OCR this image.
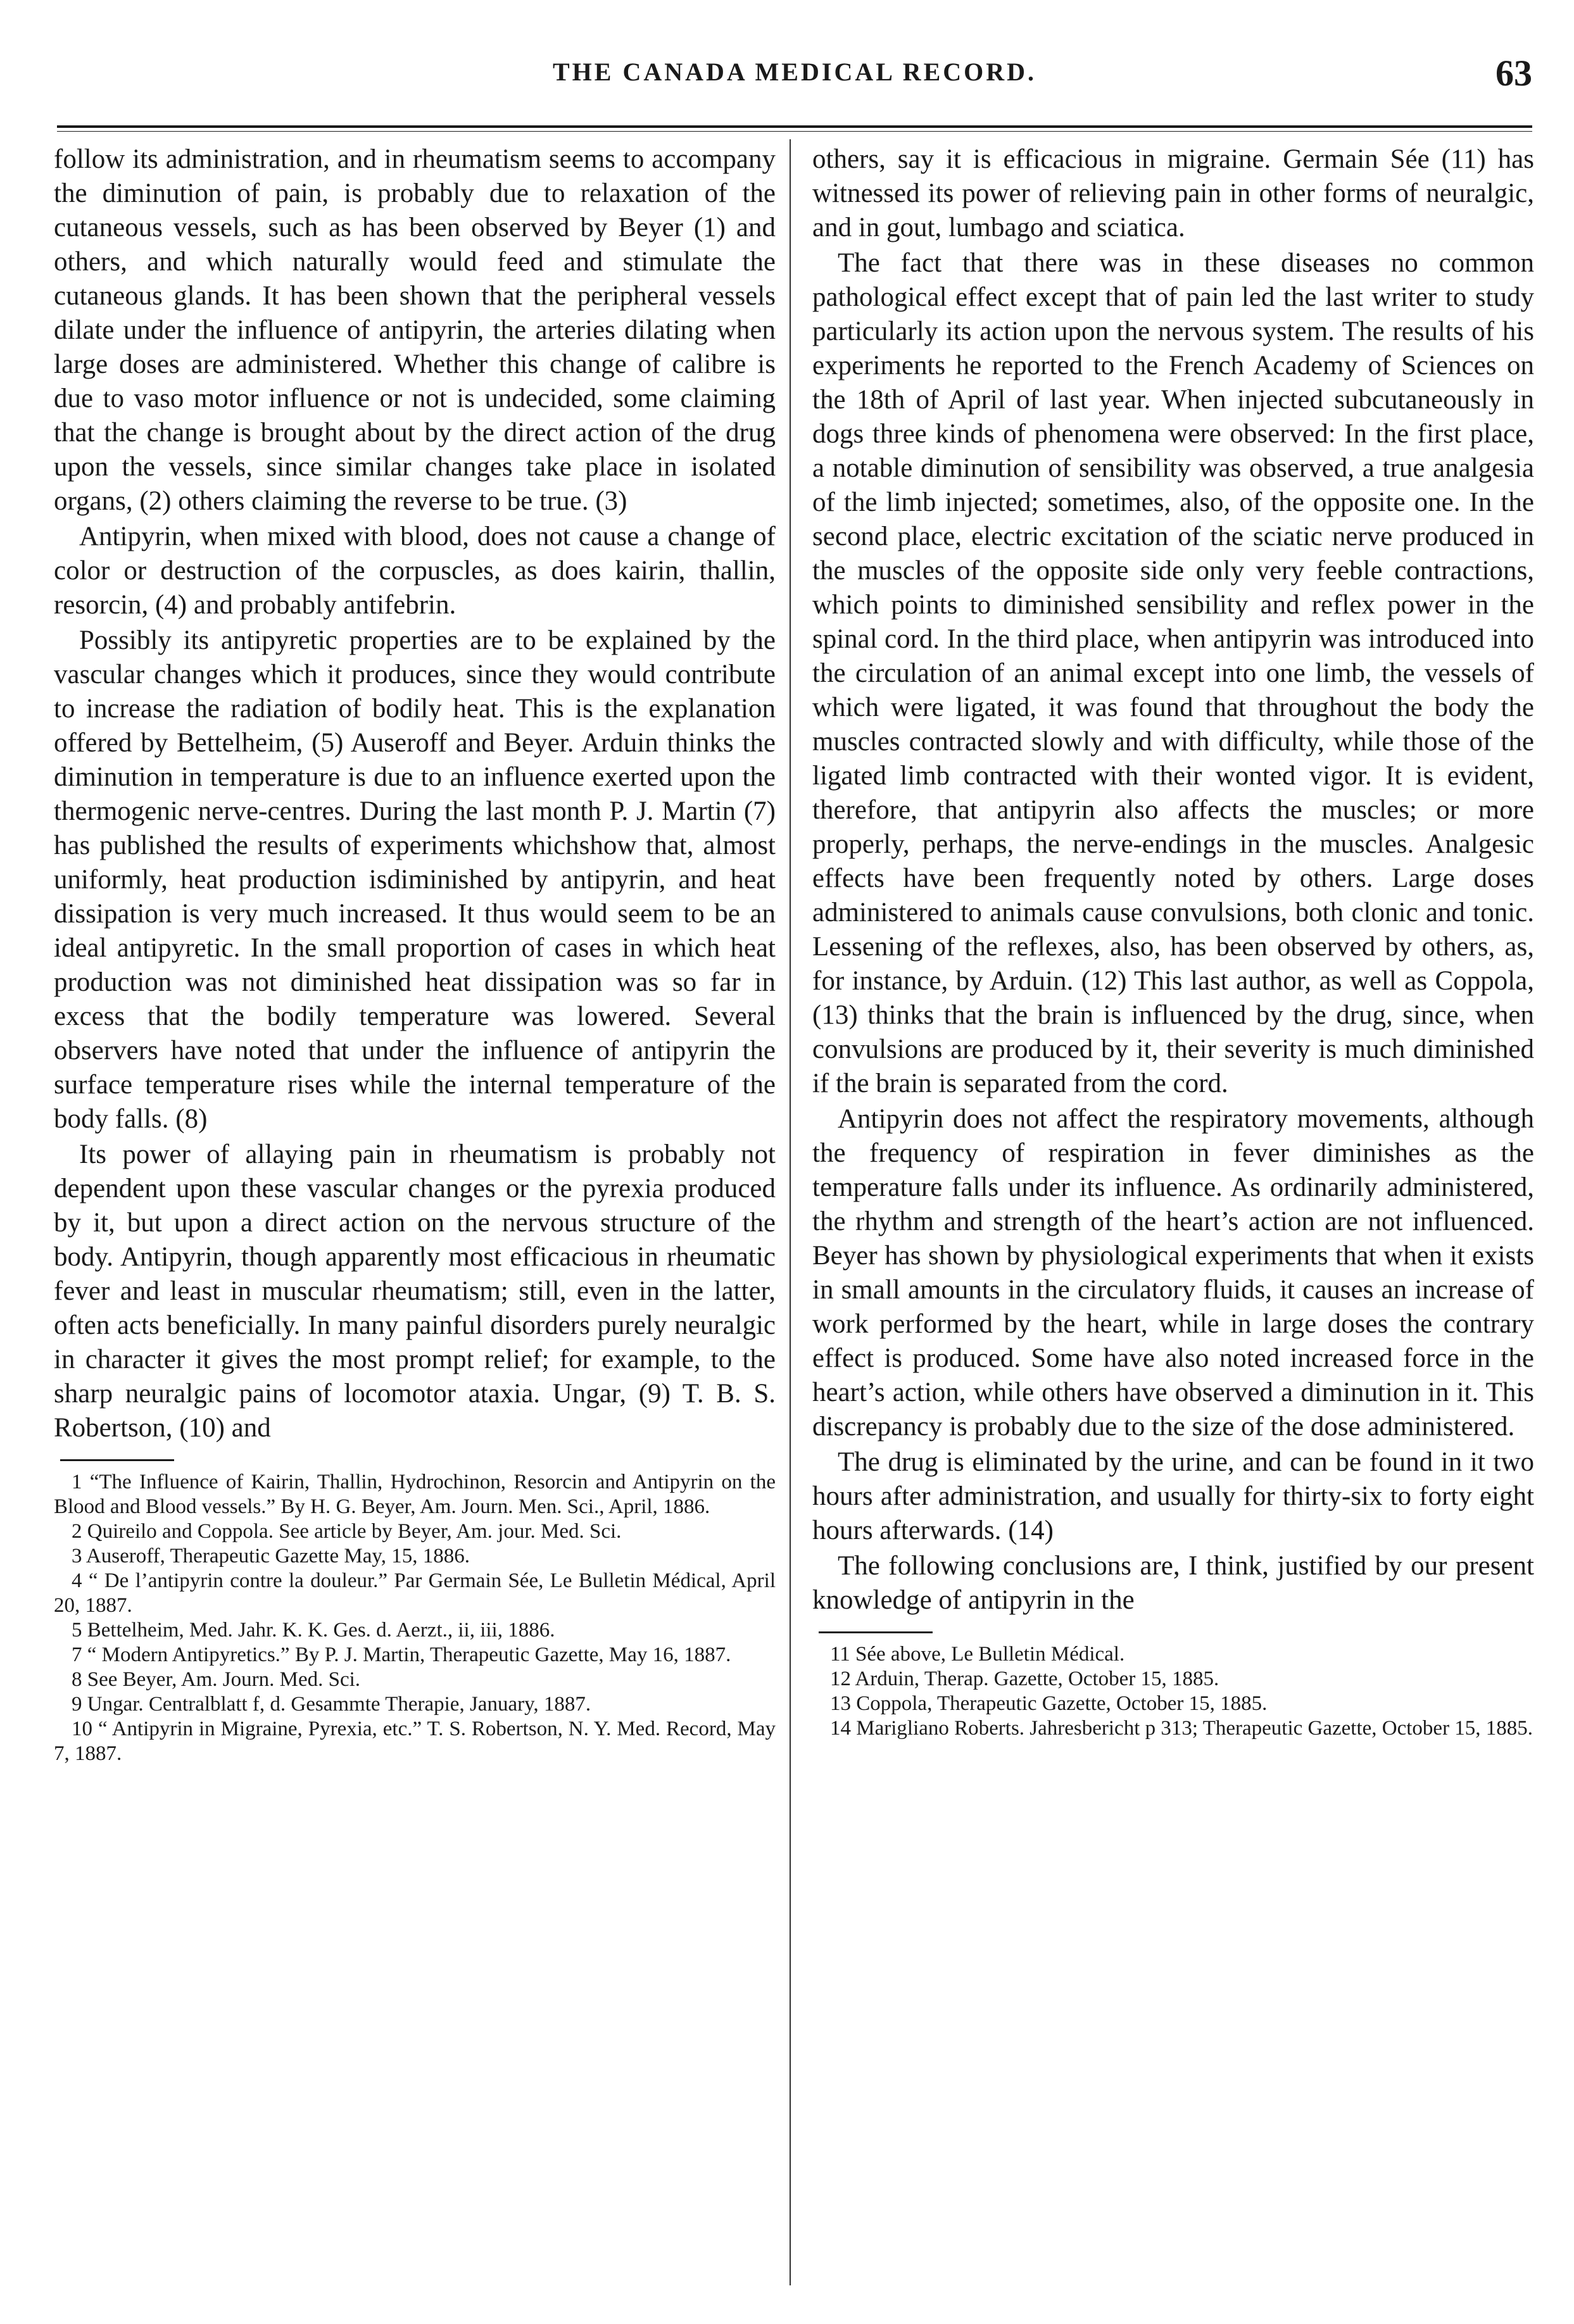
THE CANADA MEDICAL RECORD.	63

follow its administration, and in rheumatism seems to accompany the diminution of pain, is probably due to relaxation of the cutaneous vessels, such as has been observed by Beyer (1) and others, and which naturally would feed and stimulate the cutaneous glands. It has been shown that the peripheral vessels dilate under the influence of antipyrin, the arteries dilating when large doses are administered. Whether this change of calibre is due to vaso motor influence or not is undecided, some claiming that the change is brought about by the direct action of the drug upon the vessels, since similar changes take place in isolated organs, (2) others claiming the reverse to be true. (3)

Antipyrin, when mixed with blood, does not cause a change of color or destruction of the corpuscles, as does kairin, thallin, resorcin, (4) and probably antifebrin.

Possibly its antipyretic properties are to be explained by the vascular changes which it produces, since they would contribute to increase the radiation of bodily heat. This is the explanation offered by Bettelheim, (5) Auseroff and Beyer. Arduin thinks the diminution in temperature is due to an influence exerted upon the thermogenic nerve-centres. During the last month P. J. Martin (7) has published the results of experiments whichshow that, almost uniformly, heat production isdiminished by antipyrin, and heat dissipation is very much increased. It thus would seem to be an ideal antipyretic. In the small proportion of cases in which heat production was not diminished heat dissipation was so far in excess that the bodily temperature was lowered. Several observers have noted that under the influence of antipyrin the surface temperature rises while the internal temperature of the body falls. (8)

Its power of allaying pain in rheumatism is probably not dependent upon these vascular changes or the pyrexia produced by it, but upon a direct action on the nervous structure of the body. Antipyrin, though apparently most efficacious in rheumatic fever and least in muscular rheumatism; still, even in the latter, often acts beneficially. In many painful disorders purely neuralgic in character it gives the most prompt relief; for example, to the sharp neuralgic pains of locomotor ataxia. Ungar, (9) T. B. S. Robertson, (10) and

1 “The Influence of Kairin, Thallin, Hydrochinon, Resorcin and Antipyrin on the Blood and Blood vessels.” By H. G. Beyer, Am. Journ. Men. Sci., April, 1886.

2 Quireilo and Coppola. See article by Beyer, Am. jour. Med. Sci.

3 Auseroff, Therapeutic Gazette May, 15, 1886.

4 “ De l’antipyrin contre la douleur.” Par Germain Sée, Le Bulletin Médical, April 20, 1887.

5 Bettelheim, Med. Jahr. K. K. Ges. d. Aerzt., ii, iii, 1886.

7 “ Modern Antipyretics.” By P. J. Martin, Therapeutic Gazette, May 16, 1887.

8 See Beyer, Am. Journ. Med. Sci.

9 Ungar. Centralblatt f, d. Gesammte Therapie, January, 1887.

10 “ Antipyrin in Migraine, Pyrexia, etc.” T. S. Robertson, N. Y. Med. Record, May 7, 1887.

others, say it is efficacious in migraine. Germain Sée (11) has witnessed its power of relieving pain in other forms of neuralgic, and in gout, lumbago and sciatica.

The fact that there was in these diseases no common pathological effect except that of pain led the last writer to study particularly its action upon the nervous system. The results of his experiments he reported to the French Academy of Sciences on the 18th of April of last year. When injected subcutaneously in dogs three kinds of phenomena were observed: In the first place, a notable diminution of sensibility was observed, a true analgesia of the limb injected; sometimes, also, of the opposite one. In the second place, electric excitation of the sciatic nerve produced in the muscles of the opposite side only very feeble contractions, which points to diminished sensibility and reflex power in the spinal cord. In the third place, when antipyrin was introduced into the circulation of an animal except into one limb, the vessels of which were ligated, it was found that throughout the body the muscles contracted slowly and with difficulty, while those of the ligated limb contracted with their wonted vigor. It is evident, therefore, that antipyrin also affects the muscles; or more properly, perhaps, the nerve-endings in the muscles. Analgesic effects have been frequently noted by others. Large doses administered to animals cause convulsions, both clonic and tonic. Lessening of the reflexes, also, has been observed by others, as, for instance, by Arduin. (12) This last author, as well as Coppola, (13) thinks that the brain is influenced by the drug, since, when convulsions are produced by it, their severity is much diminished if the brain is separated from the cord.

Antipyrin does not affect the respiratory movements, although the frequency of respiration in fever diminishes as the temperature falls under its influence. As ordinarily administered, the rhythm and strength of the heart’s action are not influenced. Beyer has shown by physiological experiments that when it exists in small amounts in the circulatory fluids, it causes an increase of work performed by the heart, while in large doses the contrary effect is produced. Some have also noted increased force in the heart’s action, while others have observed a diminution in it. This discrepancy is probably due to the size of the dose administered.

The drug is eliminated by the urine, and can be found in it two hours after administration, and usually for thirty-six to forty eight hours afterwards. (14)

The following conclusions are, I think, justified by our present knowledge of antipyrin in the

11 Sée above, Le Bulletin Médical.

12 Arduin, Therap. Gazette, October 15, 1885.

13 Coppola, Therapeutic Gazette, October 15, 1885.

14 Marigliano Roberts. Jahresbericht p 313; Therapeutic Gazette, October 15, 1885.
